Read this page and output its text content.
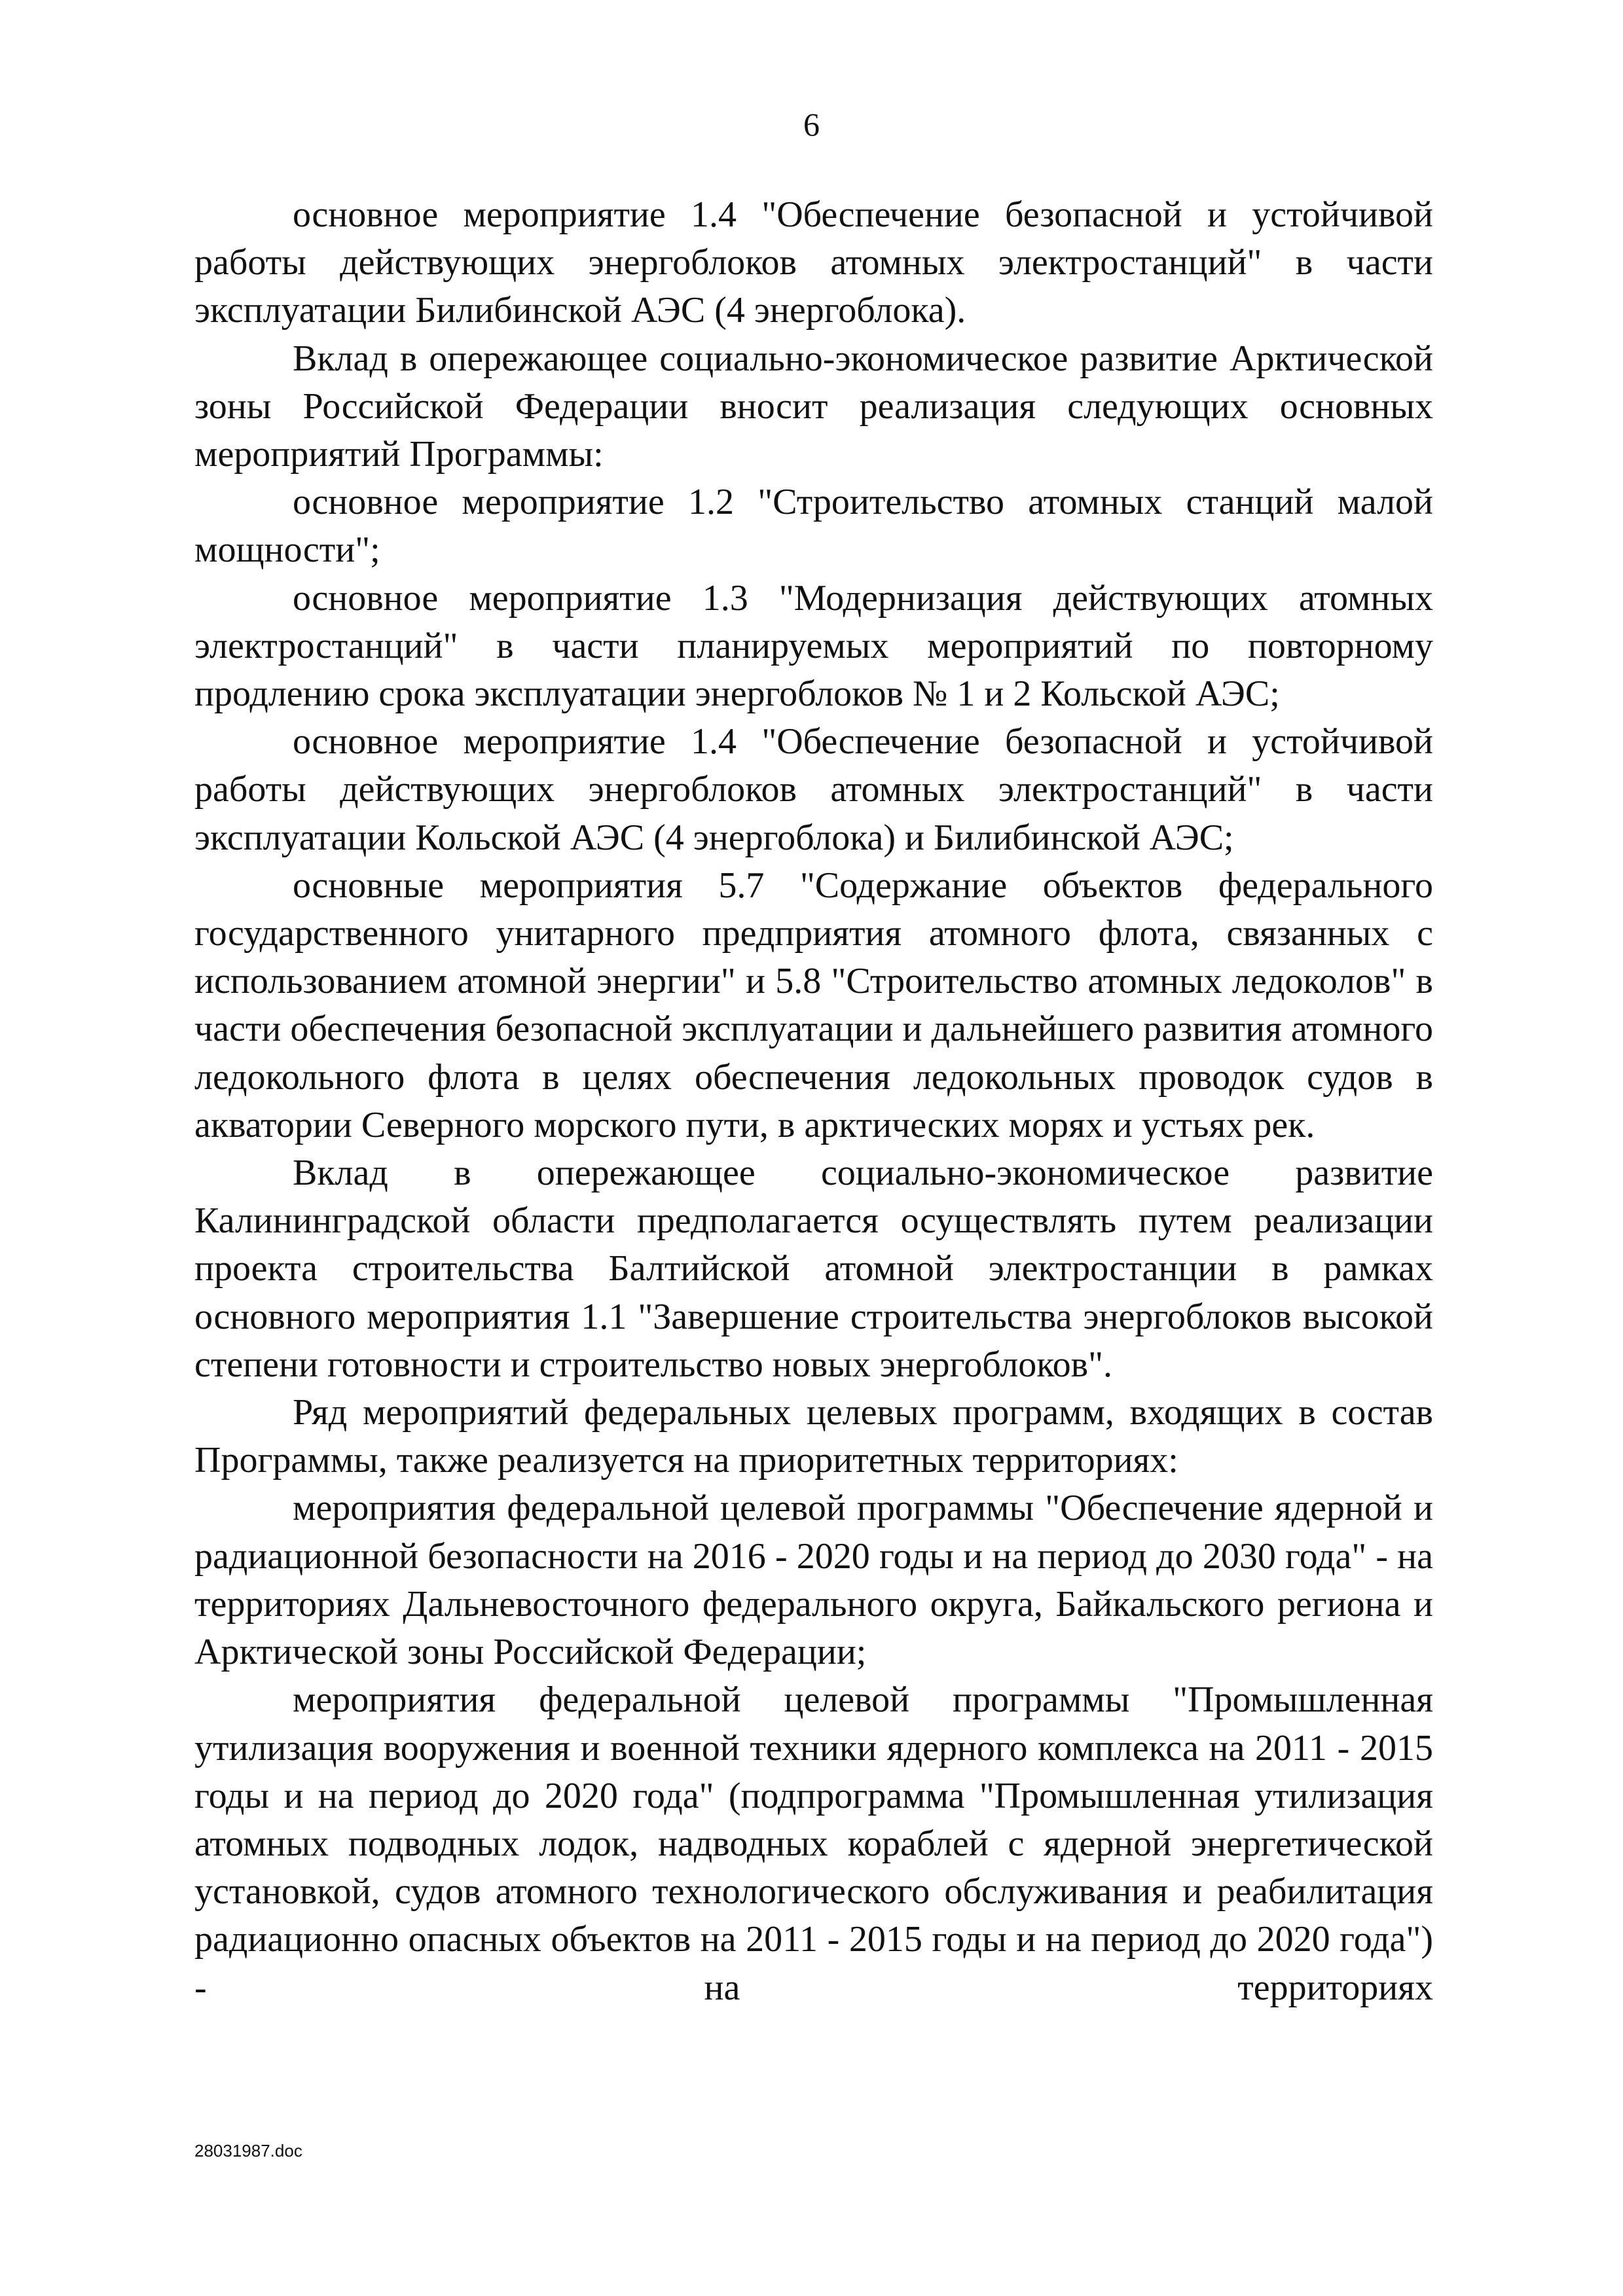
6

основное мероприятие 1.4 "Обеспечение безопасной и устойчивой работы действующих энергоблоков атомных электростанций" в части эксплуатации Билибинской АЭС (4 энергоблока).

Вклад в опережающее социально-экономическое развитие Арктической зоны Российской Федерации вносит реализация следующих основных мероприятий Программы:

основное мероприятие 1.2 "Строительство атомных станций малой мощности";

основное мероприятие 1.3 "Модернизация действующих атомных электростанций" в части планируемых мероприятий по повторному продлению срока эксплуатации энергоблоков № 1 и 2 Кольской АЭС;

основное мероприятие 1.4 "Обеспечение безопасной и устойчивой работы действующих энергоблоков атомных электростанций" в части эксплуатации Кольской АЭС (4 энергоблока) и Билибинской АЭС;

основные мероприятия 5.7 "Содержание объектов федерального государственного унитарного предприятия атомного флота, связанных с использованием атомной энергии" и 5.8 "Строительство атомных ледоколов" в части обеспечения безопасной эксплуатации и дальнейшего развития атомного ледокольного флота в целях обеспечения ледокольных проводок судов в акватории Северного морского пути, в арктических морях и устьях рек.

Вклад в опережающее социально-экономическое развитие Калининградской области предполагается осуществлять путем реализации проекта строительства Балтийской атомной электростанции в рамках основного мероприятия 1.1 "Завершение строительства энергоблоков высокой степени готовности и строительство новых энергоблоков".

Ряд мероприятий федеральных целевых программ, входящих в состав Программы, также реализуется на приоритетных территориях:

мероприятия федеральной целевой программы "Обеспечение ядерной и радиационной безопасности на 2016 - 2020 годы и на период до 2030 года" - на территориях Дальневосточного федерального округа, Байкальского региона и Арктической зоны Российской Федерации;

мероприятия федеральной целевой программы "Промышленная утилизация вооружения и военной техники ядерного комплекса на 2011 - 2015 годы и на период до 2020 года" (подпрограмма "Промышленная утилизация атомных подводных лодок, надводных кораблей с ядерной энергетической установкой, судов атомного технологического обслуживания и реабилитация радиационно опасных объектов на 2011 - 2015 годы и на период до 2020 года") - на территориях

28031987.doc
